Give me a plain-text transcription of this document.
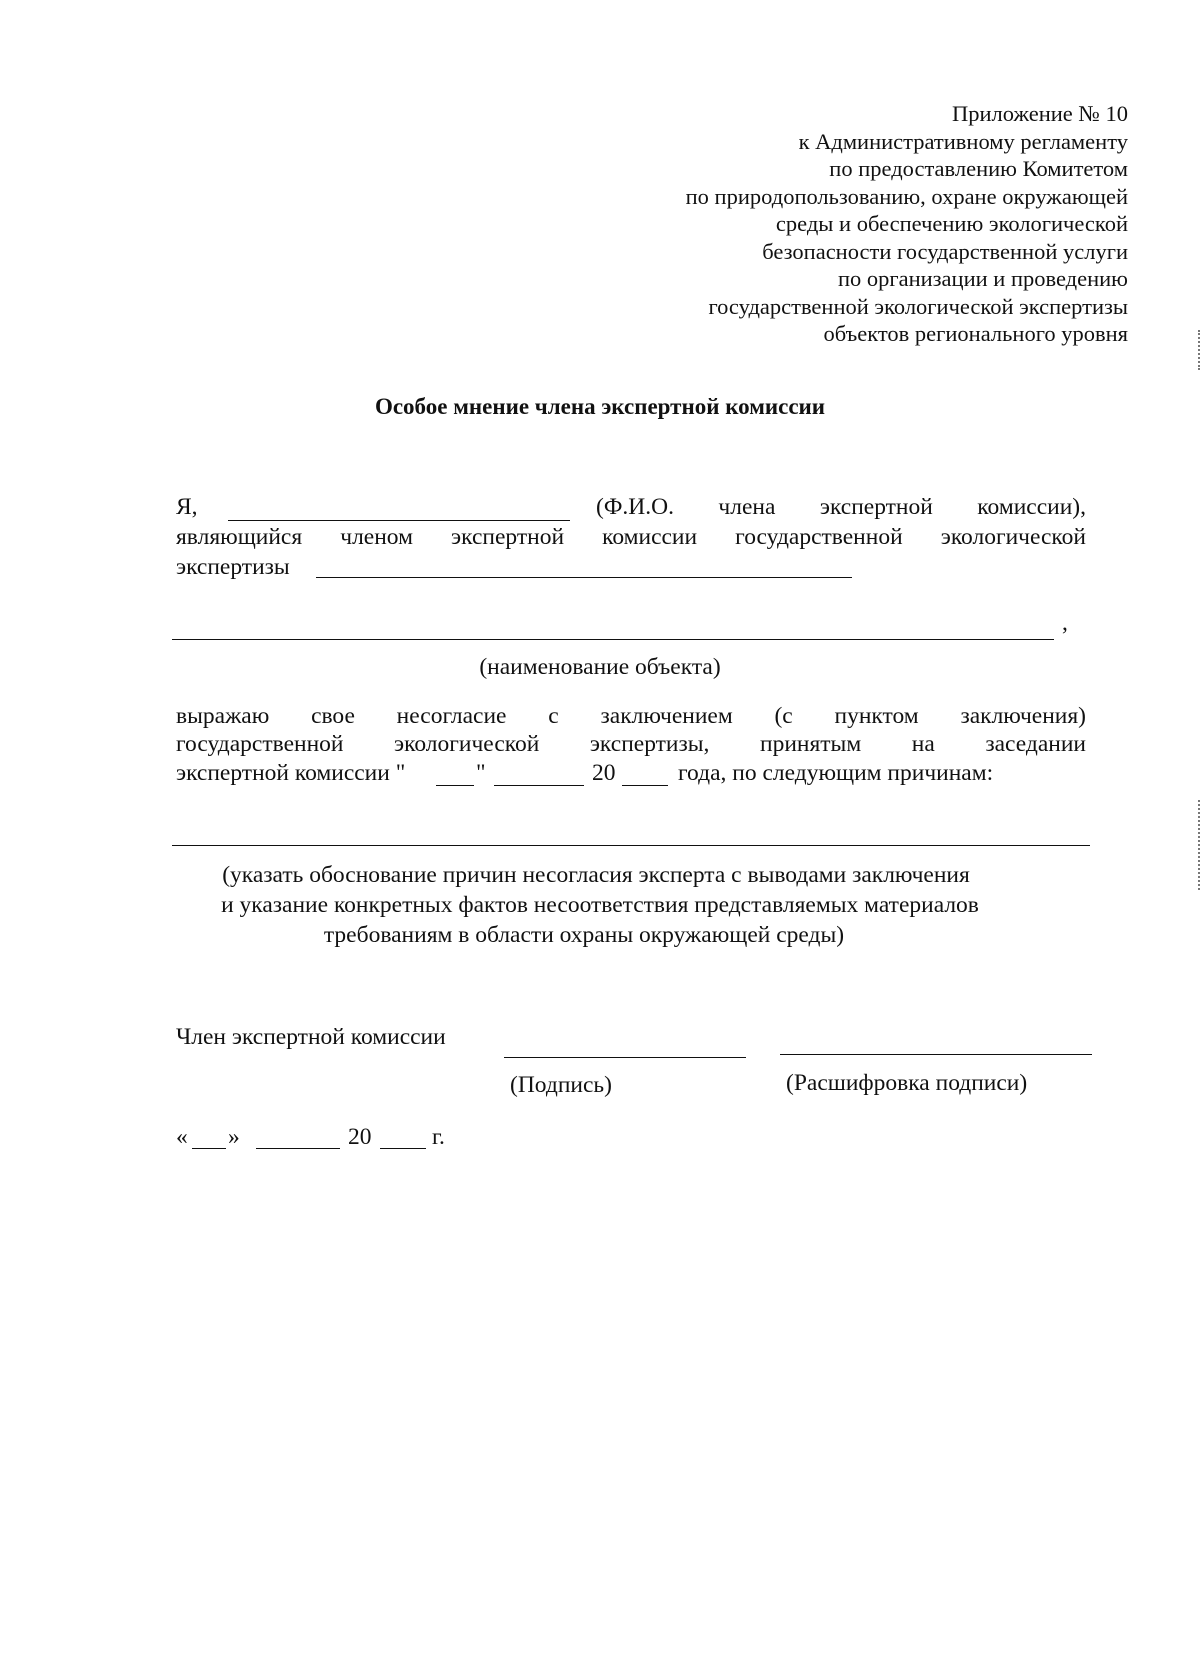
Приложение № 10
к Административному регламенту
по предоставлению Комитетом
по природопользованию, охране окружающей
среды и обеспечению экологической
безопасности государственной услуги
по организации и проведению
государственной экологической экспертизы
объектов регионального уровня
Особое мнение члена экспертной комиссии
Я,	(Ф.И.О. члена экспертной комиссии),
являющийся членом экспертной комиссии государственной экологической
экспертизы
,
(наименование объекта)
выражаю свое несогласие с заключением (с пунктом заключения)
государственной экологической экспертизы, принятым на заседании
экспертной комиссии "	"	20	года, по следующим причинам:
(указать обоснование причин несогласия эксперта с выводами заключения
и указание конкретных фактов несоответствия представляемых материалов
требованиям в области охраны окружающей среды)
Член экспертной комиссии
(Подпись)	(Расшифровка подписи)
« »	20	г.
